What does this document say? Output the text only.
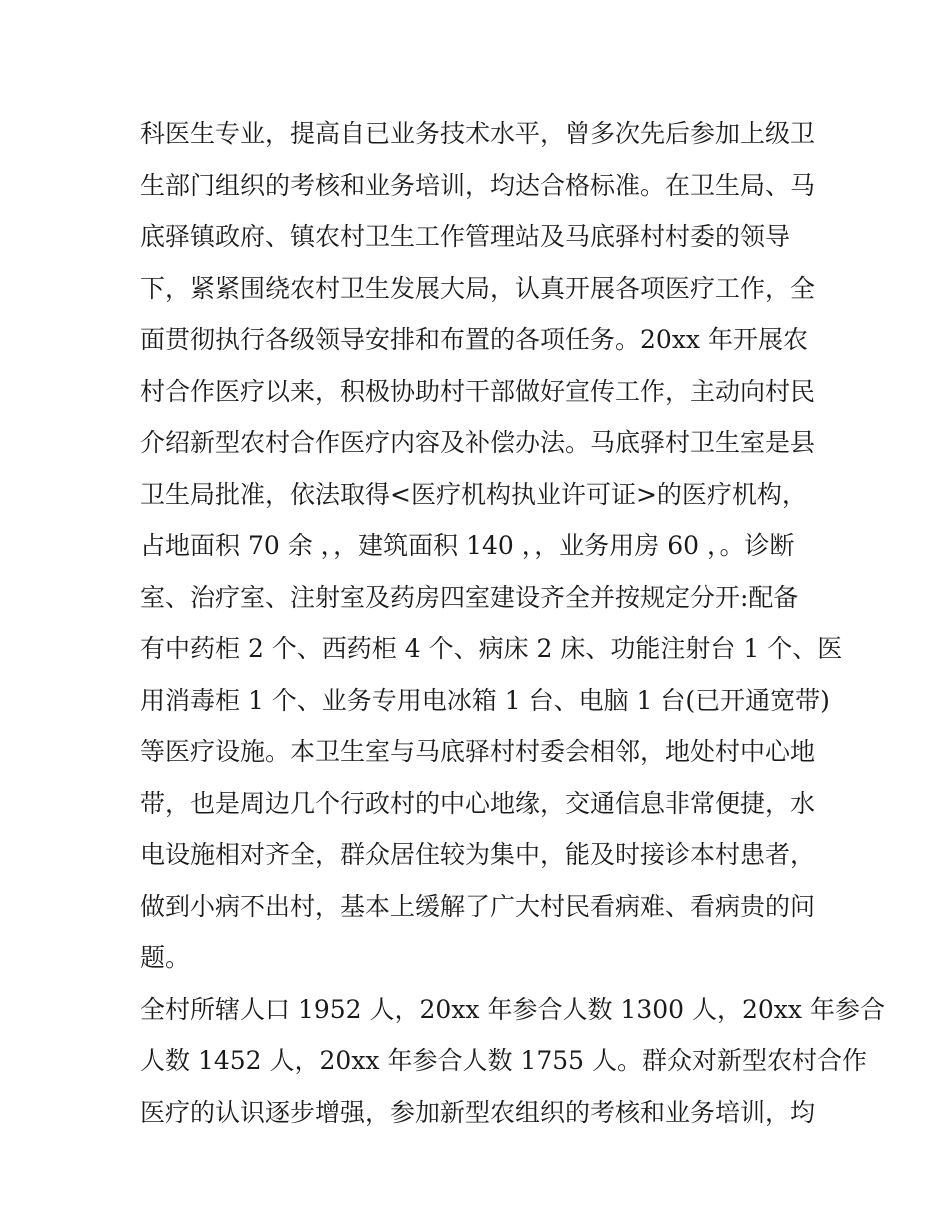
科医生专业，提高自已业务技术水平，曾多次先后参加上级卫
生部门组织的考核和业务培训，均达合格标准。在卫生局、马
底驿镇政府、镇农村卫生工作管理站及马底驿村村委的领导
下，紧紧围绕农村卫生发展大局，认真开展各项医疗工作，全
面贯彻执行各级领导安排和布置的各项任务。20xx 年开展农
村合作医疗以来，积极协助村干部做好宣传工作，主动向村民
介绍新型农村合作医疗内容及补偿办法。马底驿村卫生室是县
卫生局批准，依法取得<医疗机构执业许可证>的医疗机构，
占地面积 70 余 ，，建筑面积 140 ，，业务用房 60 ，。诊断
室、治疗室、注射室及药房四室建设齐全并按规定分开:配备
有中药柜 2 个、西药柜 4 个、病床 2 床、功能注射台 1 个、医
用消毒柜 1 个、业务专用电冰箱 1 台、电脑 1 台(已开通宽带)
等医疗设施。本卫生室与马底驿村村委会相邻，地处村中心地
带，也是周边几个行政村的中心地缘，交通信息非常便捷，水
电设施相对齐全，群众居住较为集中，能及时接诊本村患者，
做到小病不出村，基本上缓解了广大村民看病难、看病贵的问
题。
全村所辖人口 1952 人，20xx 年参合人数 1300 人，20xx 年参合
人数 1452 人，20xx 年参合人数 1755 人。群众对新型农村合作
医疗的认识逐步增强，参加新型农组织的考核和业务培训，均
